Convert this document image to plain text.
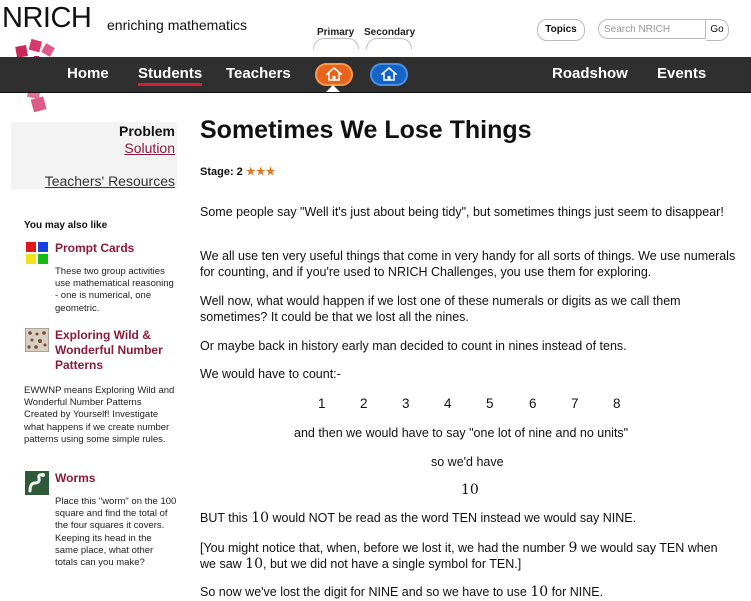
NRICH enriching mathematics	Primary Secondary	Topics	Search NRICH	Go
Home Students Teachers	Roadshow Events
Problem
Solution
Teachers' Resources
You may also like
Prompt Cards
These two group activities use mathematical reasoning - one is numerical, one geometric.
Exploring Wild &
Wonderful Number
Patterns
EWWNP means Exploring Wild and Wonderful Number Patterns Created by Yourself! Investigate what happens if we create number patterns using some simple rules.
Worms
Place this "worm" on the 100 square and find the total of the four squares it covers. Keeping its head in the same place, what other totals can you make?
Sometimes We Lose Things
Stage: 2 ★★★
Some people say "Well it's just about being tidy", but sometimes things just seem to disappear!
We all use ten very useful things that come in very handy for all sorts of things. We use numerals for counting, and if you're used to NRICH Challenges, you use them for exploring.
Well now, what would happen if we lost one of these numerals or digits as we call them sometimes? It could be that we lost all the nines.
Or maybe back in history early man decided to count in nines instead of tens.
We would have to count:-
1	2	3	4	5	6	7	8
and then we would have to say "one lot of nine and no units"
so we'd have
10
BUT this 10 would NOT be read as the word TEN instead we would say NINE.
[You might notice that, when, before we lost it, we had the number 9 we would say TEN when
we saw 10, but we did not have a single symbol for TEN.]
So now we've lost the digit for NINE and so we have to use 10 for NINE.
